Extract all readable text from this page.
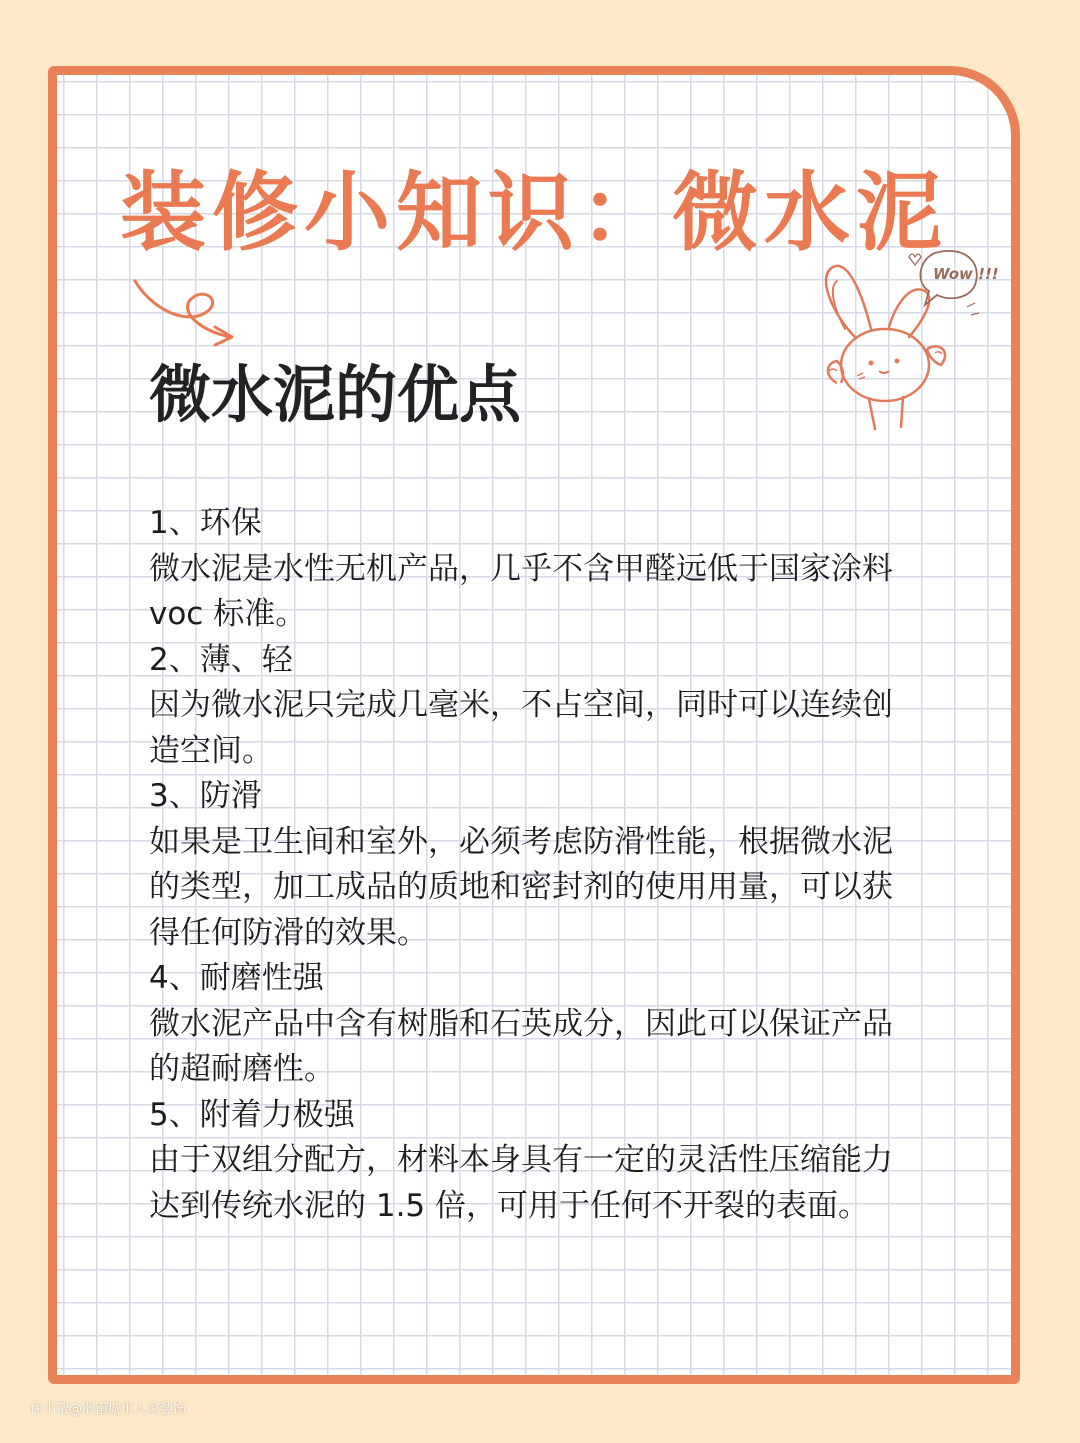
装修小知识：微水泥
Wow !!!
微水泥的优点
1、环保
微水泥是水性无机产品，几乎不含甲醛远低于国家涂料
voc 标准。
2、薄、轻
因为微水泥只完成几毫米，不占空间，同时可以连续创
造空间。
3、防滑
如果是卫生间和室外，必须考虑防滑性能，根据微水泥
的类型，加工成品的质地和密封剂的使用用量，可以获
得任何防滑的效果。
4、耐磨性强
微水泥产品中含有树脂和石英成分，因此可以保证产品
的超耐磨性。
5、附着力极强
由于双组分配方，材料本身具有一定的灵活性压缩能力
达到传统水泥的 1.5 倍，可用于任何不开裂的表面。
住小帮@渭南城市人家装饰
